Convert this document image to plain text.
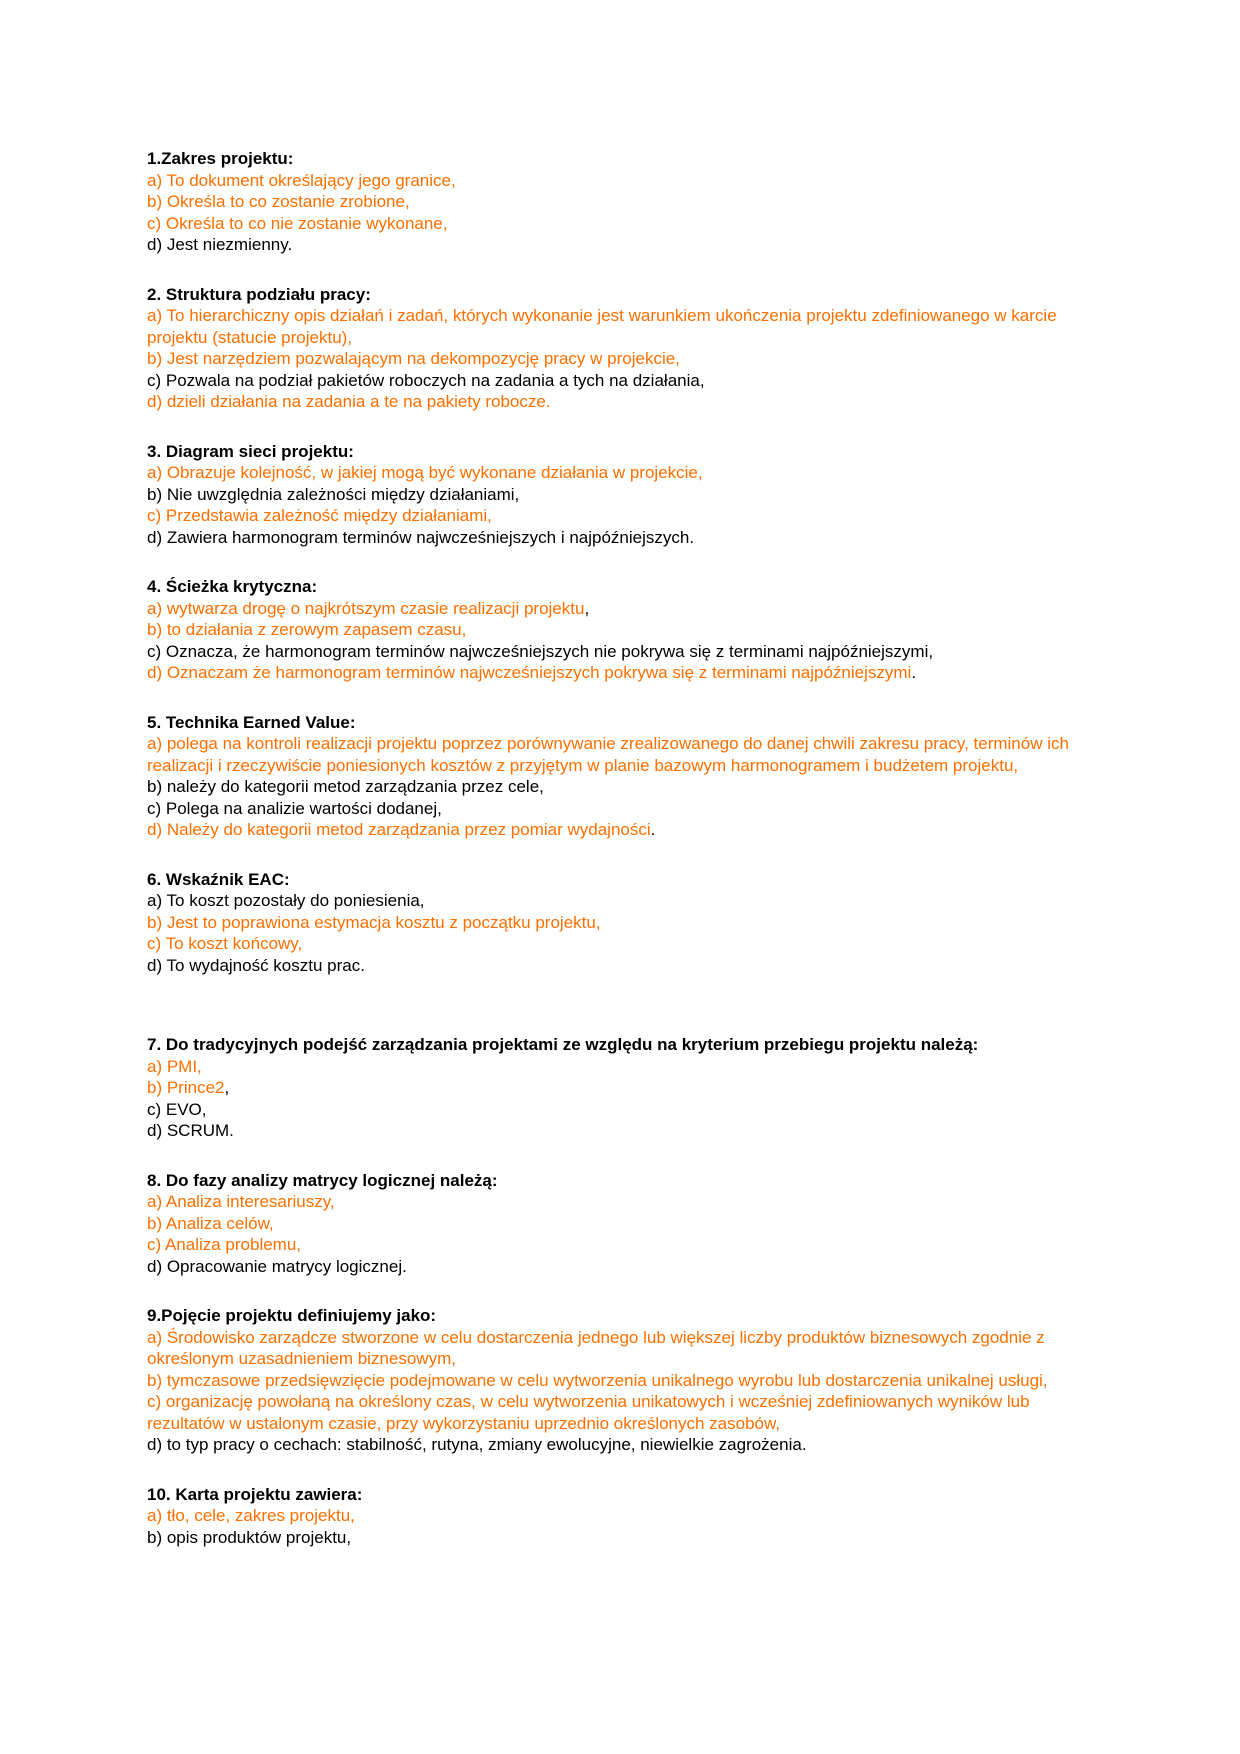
1.Zakres projektu:
a) To dokument określający jego granice,
b) Określa to co zostanie zrobione,
c) Określa to co nie zostanie wykonane,
d) Jest niezmienny.
2. Struktura podziału pracy:
a) To hierarchiczny opis działań i zadań, których wykonanie jest warunkiem ukończenia projektu zdefiniowanego w karcie projektu (statucie projektu),
b) Jest narzędziem pozwalającym na dekompozycję pracy w projekcie,
c) Pozwala na podział pakietów roboczych na zadania a tych na działania,
d) dzieli działania na zadania a te na pakiety robocze.
3. Diagram sieci projektu:
a) Obrazuje kolejność, w jakiej mogą być wykonane działania w projekcie,
b) Nie uwzględnia zależności między działaniami,
c) Przedstawia zależność między działaniami,
d) Zawiera harmonogram terminów najwcześniejszych i najpóźniejszych.
4. Ścieżka krytyczna:
a) wytwarza drogę o najkrótszym czasie realizacji projektu,
b) to działania z zerowym zapasem czasu,
c) Oznacza, że harmonogram terminów najwcześniejszych nie pokrywa się z terminami najpóźniejszymi,
d) Oznaczam że harmonogram terminów najwcześniejszych pokrywa się z terminami najpóźniejszymi.
5. Technika Earned Value:
a) polega na kontroli realizacji projektu poprzez porównywanie zrealizowanego do danej chwili zakresu pracy, terminów ich realizacji i rzeczywiście poniesionych kosztów z przyjętym w planie bazowym harmonogramem i budżetem projektu,
b) należy do kategorii metod zarządzania przez cele,
c) Polega na analizie wartości dodanej,
d) Należy do kategorii metod zarządzania przez pomiar wydajności.
6. Wskaźnik EAC:
a) To koszt pozostały do poniesienia,
b) Jest to poprawiona estymacja kosztu z początku projektu,
c) To koszt końcowy,
d) To wydajność kosztu prac.
7. Do tradycyjnych podejść zarządzania projektami ze względu na kryterium przebiegu projektu należą:
a) PMI,
b) Prince2,
c) EVO,
d) SCRUM.
8. Do fazy analizy matrycy logicznej należą:
a) Analiza interesariuszy,
b) Analiza celów,
c) Analiza problemu,
d) Opracowanie matrycy logicznej.
9.Pojęcie projektu definiujemy jako:
a) Środowisko zarządcze stworzone w celu dostarczenia jednego lub większej liczby produktów biznesowych zgodnie z określonym uzasadnieniem biznesowym,
b) tymczasowe przedsięwzięcie podejmowane w celu wytworzenia unikalnego wyrobu lub dostarczenia unikalnej usługi,
c) organizację powołaną na określony czas, w celu wytworzenia unikatowych i wcześniej zdefiniowanych wyników lub rezultatów w ustalonym czasie, przy wykorzystaniu uprzednio określonych zasobów,
d) to typ pracy o cechach: stabilność, rutyna, zmiany ewolucyjne, niewielkie zagrożenia.
10. Karta projektu zawiera:
a) tło, cele, zakres projektu,
b) opis produktów projektu,
